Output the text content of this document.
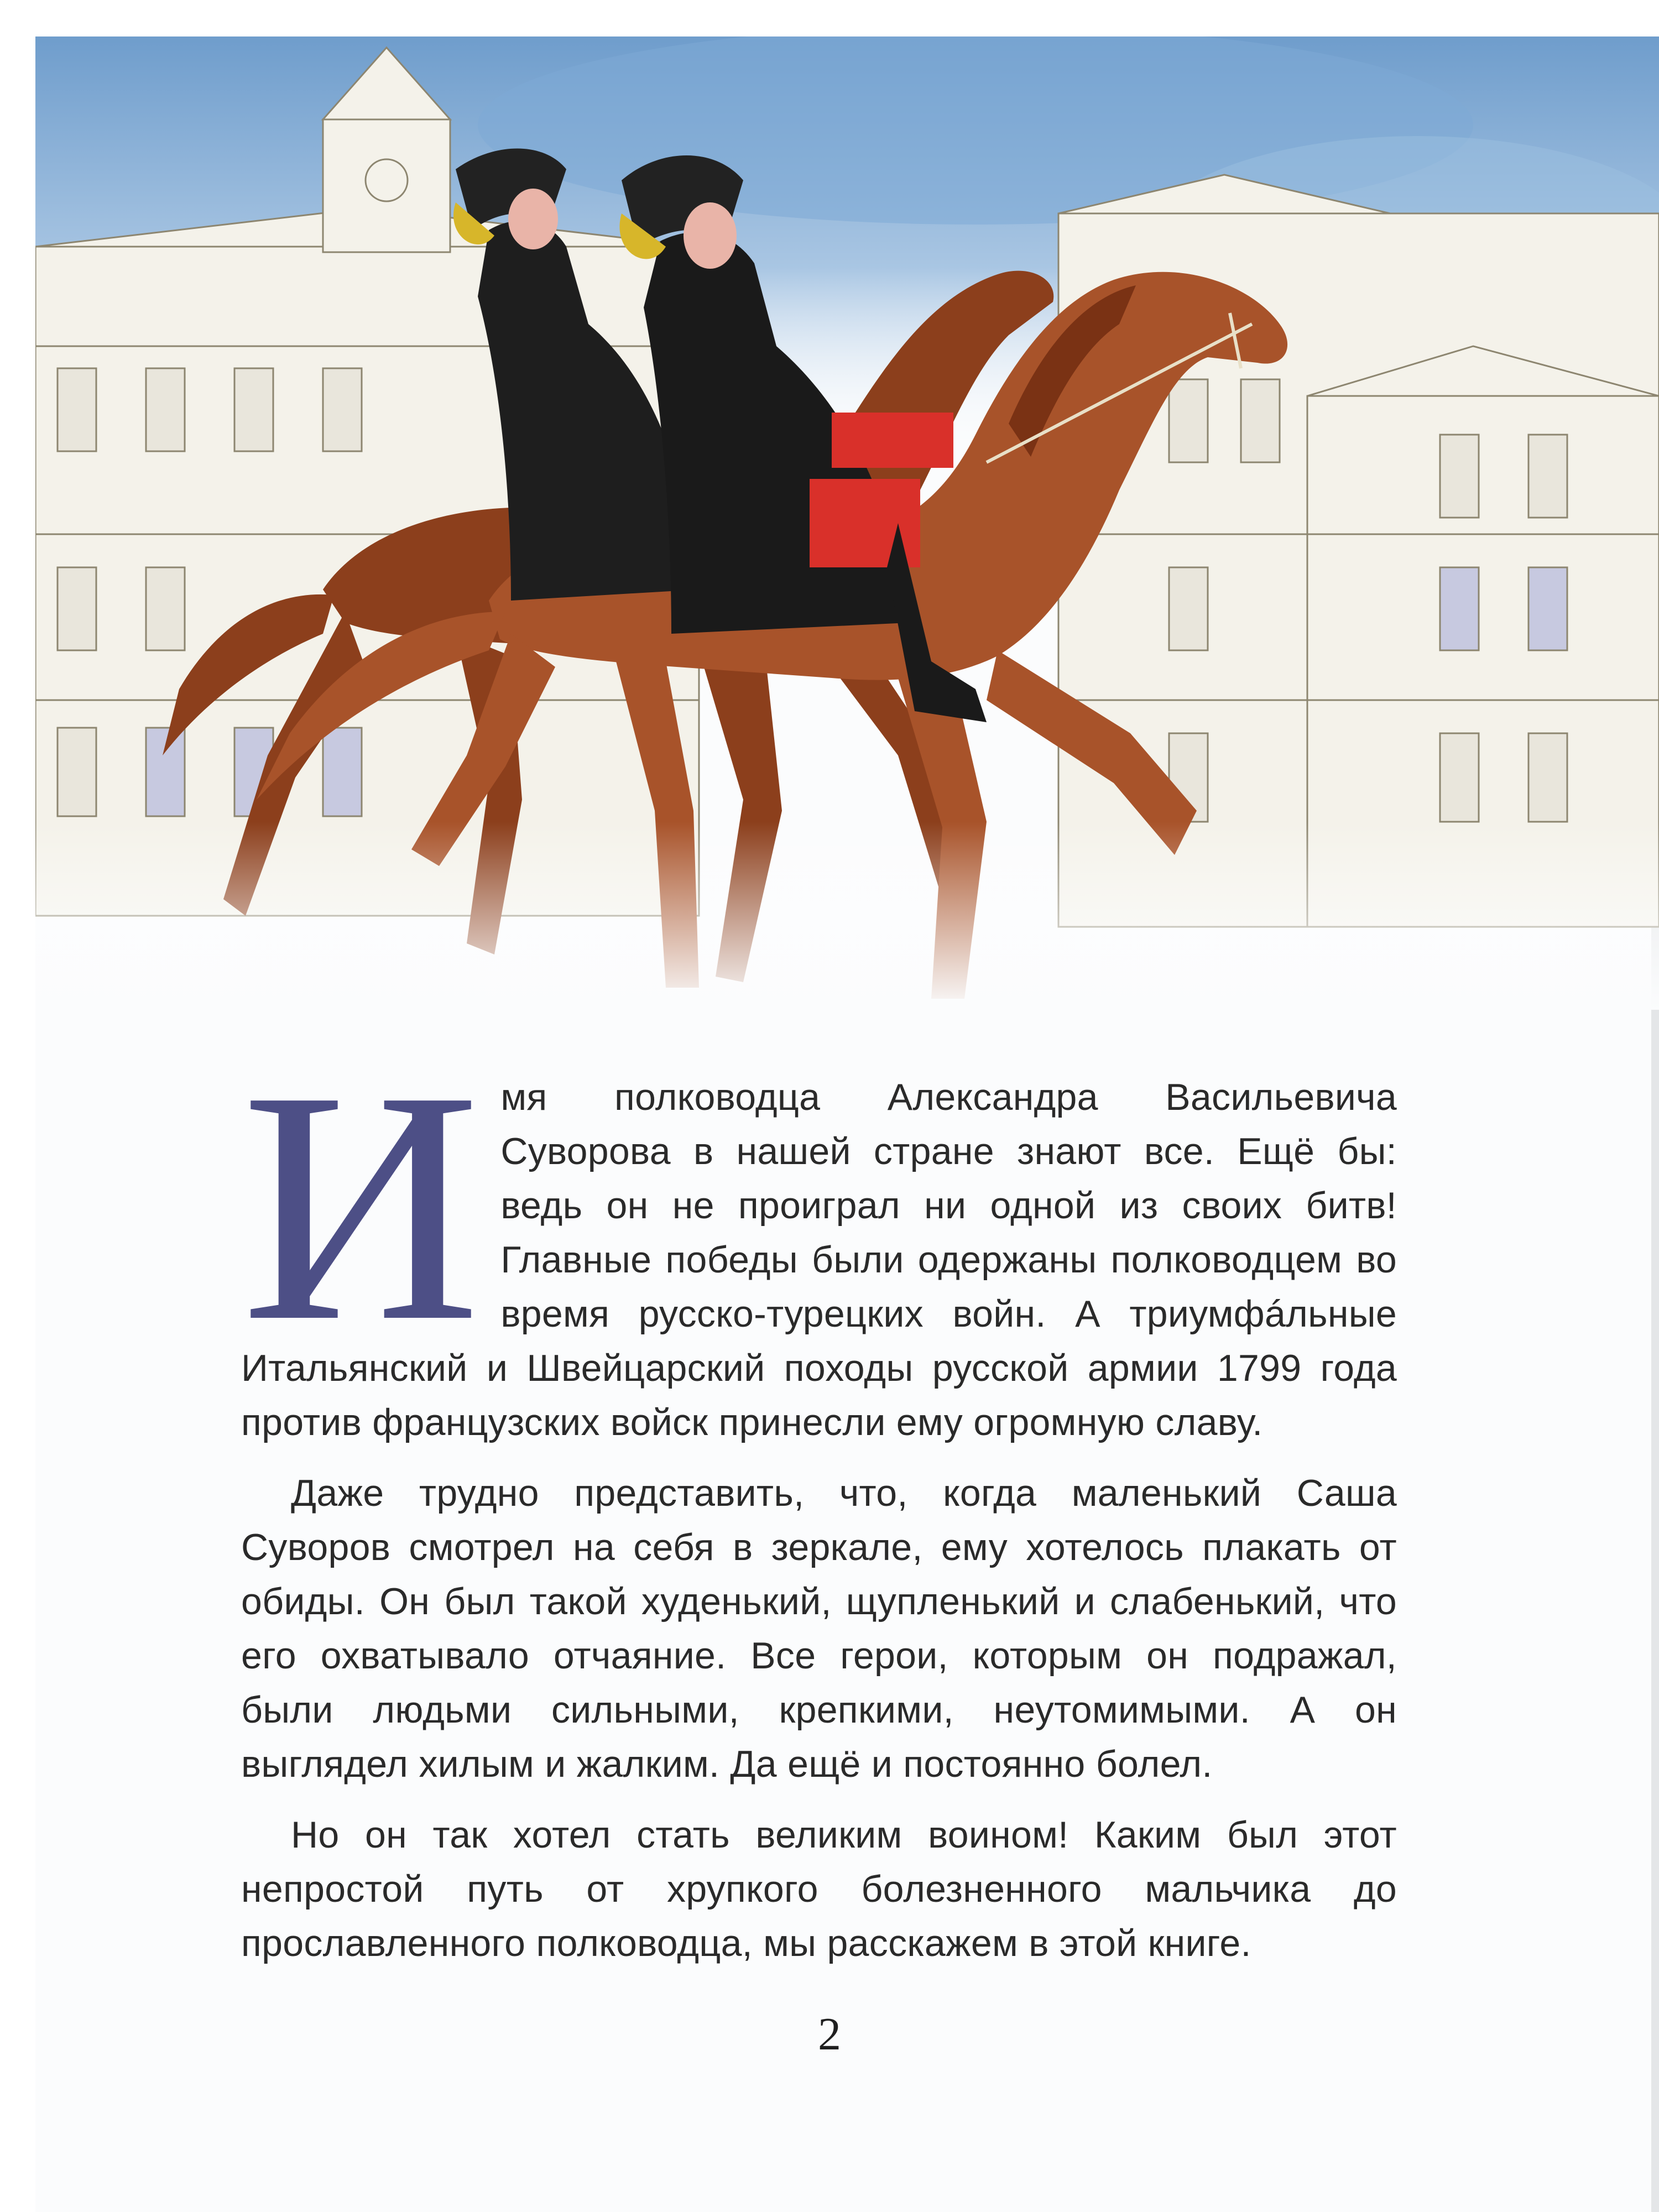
И мя полководца Александра Васильевича Суворова в нашей стране знают все. Ещё бы: ведь он не проиграл ни одной из своих битв! Главные победы были одержаны полководцем во время русско-турецких войн. А триумфáльные Итальянский и Швейцарский походы русской армии 1799 года против французских войск принесли ему огромную славу.

Даже трудно представить, что, когда маленький Саша Суворов смотрел на себя в зеркале, ему хотелось плакать от обиды. Он был такой худенький, щупленький и слабенький, что его охватывало отчаяние. Все герои, которым он подражал, были людьми сильными, крепкими, неутомимыми. А он выглядел хилым и жалким. Да ещё и постоянно болел.

Но он так хотел стать великим воином! Каким был этот непростой путь от хрупкого болезненного мальчика до прославленного полководца, мы расскажем в этой книге.

2
